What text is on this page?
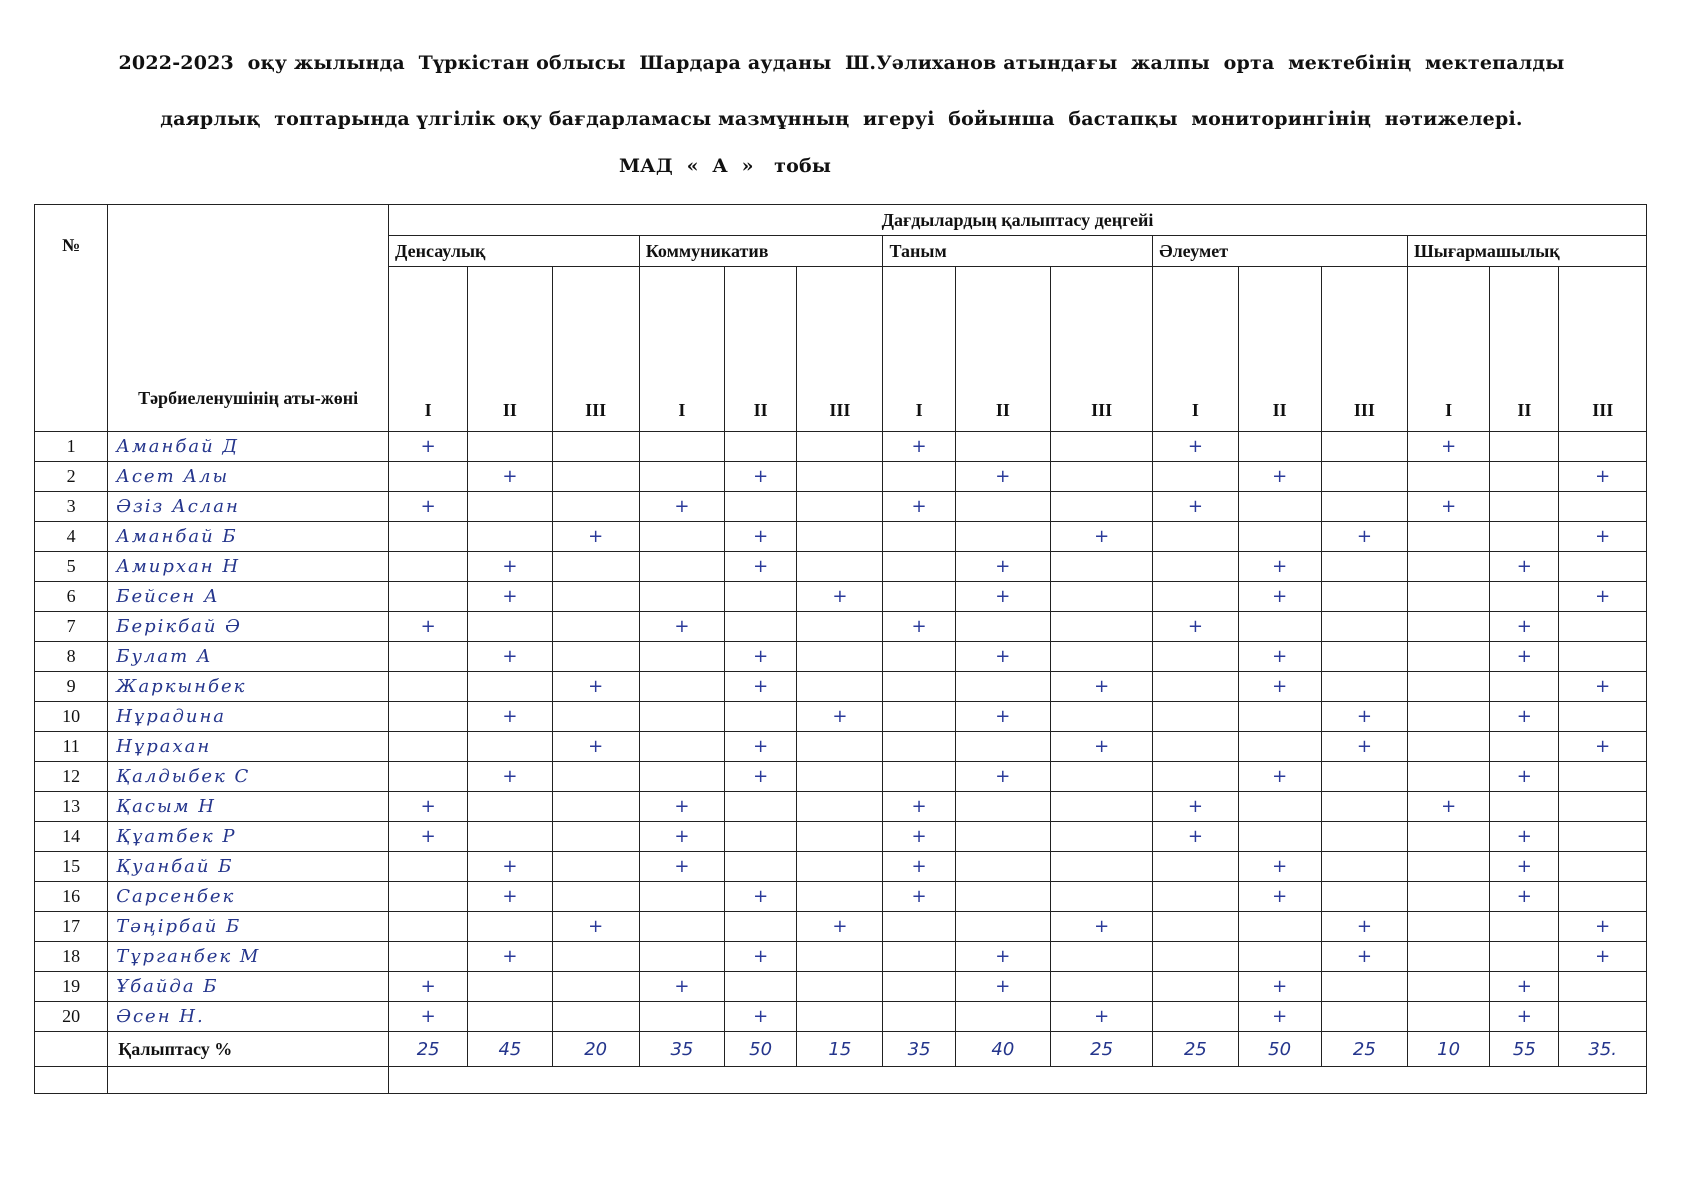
2022-2023  оқу жылында  Түркістан облысы  Шардара ауданы  Ш.Уәлиханов атындағы  жалпы  орта  мектебінің  мектепалды
даярлық  топтарында үлгілік оқу бағдарламасы мазмұнның  игеруі  бойынша  бастапқы  мониторингінің  нәтижелері.
МАД  «  А  »   тобы
№		Дағдылардың қалыптасу деңгейі														
	Тәрбиеленушінің аты-жөні	Денсаулық			Коммуникатив			Таным			Әлеумет			Шығармашылық		
		I	II	III	I	II	III	I	II	III	I	II	III	I	II	III
1	Аманбай Д	+						+			+			+		
2	Асет Алы		+			+			+			+				+
3	Әзіз Аслан	+			+			+			+			+		
4	Аманбай Б			+		+				+			+			+
5	Амирхан Н		+			+			+			+			+	
6	Бейсен А		+				+		+			+				+
7	Берікбай Ә	+			+			+			+				+	
8	Булат А		+			+			+			+			+	
9	Жаркынбек			+		+				+		+				+
10	Нұрадина		+				+		+				+		+	
11	Нұрахан			+		+				+			+			+
12	Қалдыбек С		+			+			+			+			+	
13	Қасым Н	+			+			+			+			+		
14	Құатбек Р	+			+			+			+				+	
15	Қуанбай Б		+		+			+				+			+	
16	Сарсенбек		+			+		+				+			+	
17	Тәңірбай Б			+			+			+			+			+
18	Тұрганбек М		+			+			+				+			+
19	Ұбайда Б	+			+				+			+			+	
20	Әсен Н.	+				+				+		+			+	
	Қалыптасу %	25	45	20	35	50	15	35	40	25	25	50	25	10	55	35.
